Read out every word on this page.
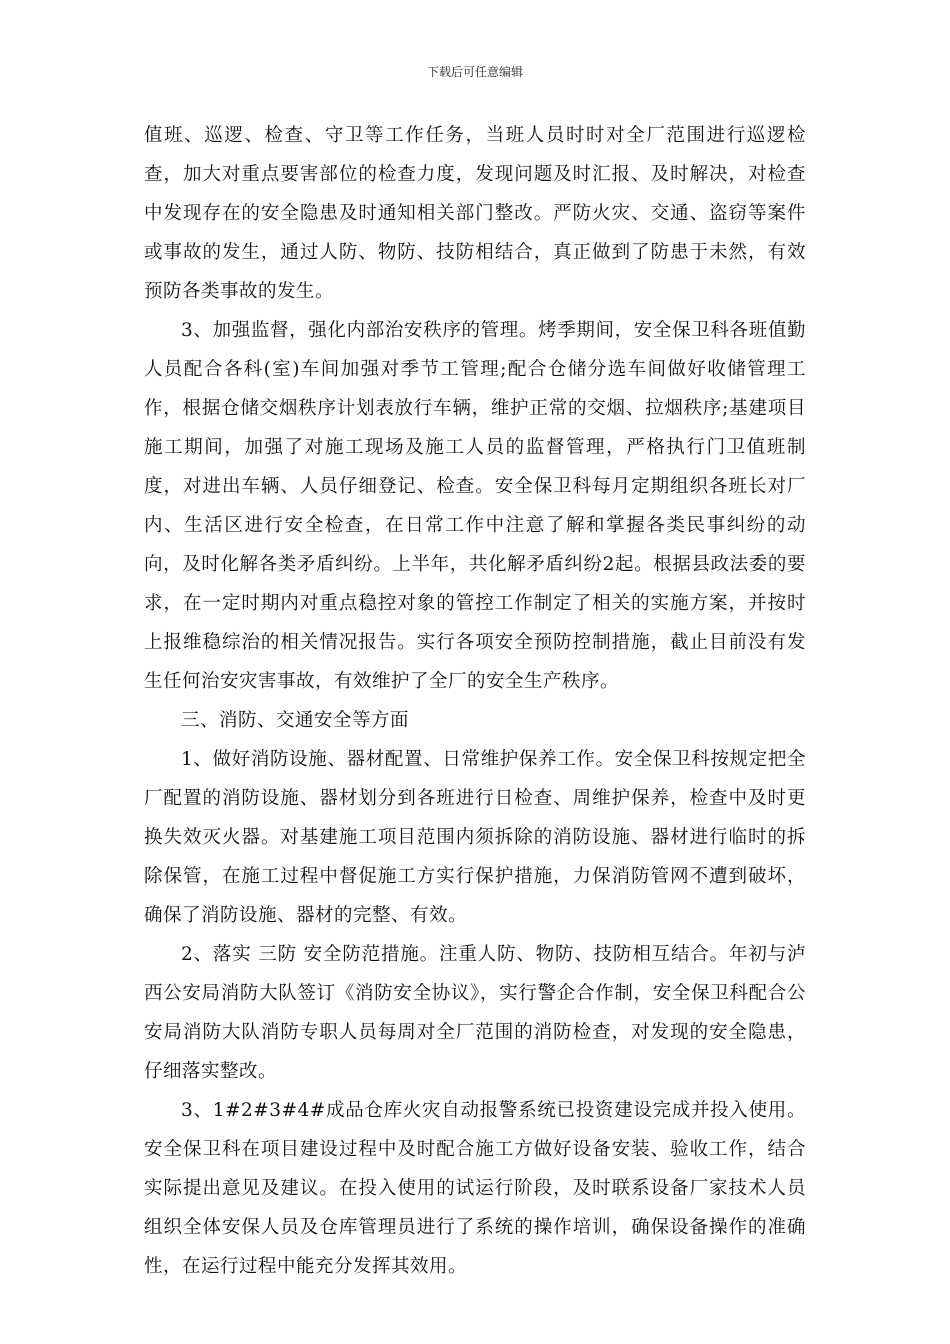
下载后可任意编辑

值班、巡逻、检查、守卫等工作任务，当班人员时时对全厂范围进行巡逻检查，加大对重点要害部位的检查力度，发现问题及时汇报、及时解决，对检查中发现存在的安全隐患及时通知相关部门整改。严防火灾、交通、盗窃等案件或事故的发生，通过人防、物防、技防相结合，真正做到了防患于未然，有效预防各类事故的发生。

3、加强监督，强化内部治安秩序的管理。烤季期间，安全保卫科各班值勤人员配合各科(室)车间加强对季节工管理;配合仓储分选车间做好收储管理工作，根据仓储交烟秩序计划表放行车辆，维护正常的交烟、拉烟秩序;基建项目施工期间，加强了对施工现场及施工人员的监督管理，严格执行门卫值班制度，对进出车辆、人员仔细登记、检查。安全保卫科每月定期组织各班长对厂内、生活区进行安全检查，在日常工作中注意了解和掌握各类民事纠纷的动向，及时化解各类矛盾纠纷。上半年，共化解矛盾纠纷2起。根据县政法委的要求，在一定时期内对重点稳控对象的管控工作制定了相关的实施方案，并按时上报维稳综治的相关情况报告。实行各项安全预防控制措施，截止目前没有发生任何治安灾害事故，有效维护了全厂的安全生产秩序。

三、消防、交通安全等方面

1、做好消防设施、器材配置、日常维护保养工作。安全保卫科按规定把全厂配置的消防设施、器材划分到各班进行日检查、周维护保养，检查中及时更换失效灭火器。对基建施工项目范围内须拆除的消防设施、器材进行临时的拆除保管，在施工过程中督促施工方实行保护措施，力保消防管网不遭到破坏，确保了消防设施、器材的完整、有效。

2、落实 三防 安全防范措施。注重人防、物防、技防相互结合。年初与泸西公安局消防大队签订《消防安全协议》，实行警企合作制，安全保卫科配合公安局消防大队消防专职人员每周对全厂范围的消防检查，对发现的安全隐患，仔细落实整改。

3、1#2#3#4#成品仓库火灾自动报警系统已投资建设完成并投入使用。安全保卫科在项目建设过程中及时配合施工方做好设备安装、验收工作，结合实际提出意见及建议。在投入使用的试运行阶段，及时联系设备厂家技术人员组织全体安保人员及仓库管理员进行了系统的操作培训，确保设备操作的准确性，在运行过程中能充分发挥其效用。
